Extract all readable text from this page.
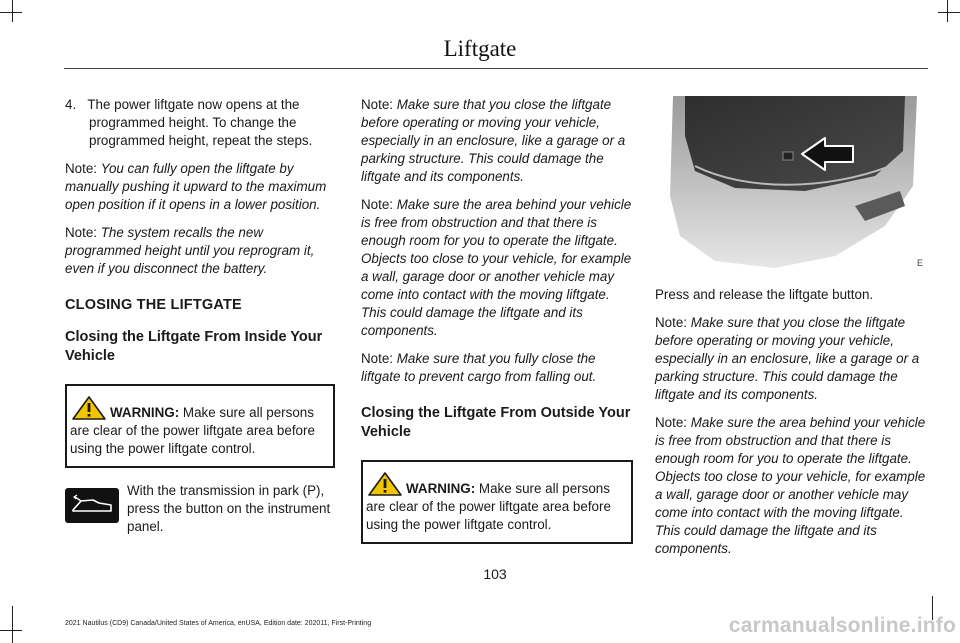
Liftgate

4.   The power liftgate now opens at the programmed height. To change the programmed height, repeat the steps.

Note: You can fully open the liftgate by manually pushing it upward to the maximum open position if it opens in a lower position.

Note: The system recalls the new programmed height until you reprogram it, even if you disconnect the battery.

CLOSING THE LIFTGATE
Closing the Liftgate From Inside Your Vehicle
WARNING: Make sure all persons are clear of the power liftgate area before using the power liftgate control.
With the transmission in park (P), press the button on the instrument panel.

Note: Make sure that you close the liftgate before operating or moving your vehicle, especially in an enclosure, like a garage or a parking structure. This could damage the liftgate and its components.

Note: Make sure the area behind your vehicle is free from obstruction and that there is enough room for you to operate the liftgate. Objects too close to your vehicle, for example a wall, garage door or another vehicle may come into contact with the moving liftgate. This could damage the liftgate and its components.

Note: Make sure that you fully close the liftgate to prevent cargo from falling out.

Closing the Liftgate From Outside Your Vehicle
WARNING: Make sure all persons are clear of the power liftgate area before using the power liftgate control.
E

Press and release the liftgate button.

Note: Make sure that you close the liftgate before operating or moving your vehicle, especially in an enclosure, like a garage or a parking structure. This could damage the liftgate and its components.

Note: Make sure the area behind your vehicle is free from obstruction and that there is enough room for you to operate the liftgate. Objects too close to your vehicle, for example a wall, garage door or another vehicle may come into contact with the moving liftgate. This could damage the liftgate and its components.

103
2021 Nautilus (CD9) Canada/United States of America, enUSA, Edition date: 202011, First-Printing	carmanualsonline.info
